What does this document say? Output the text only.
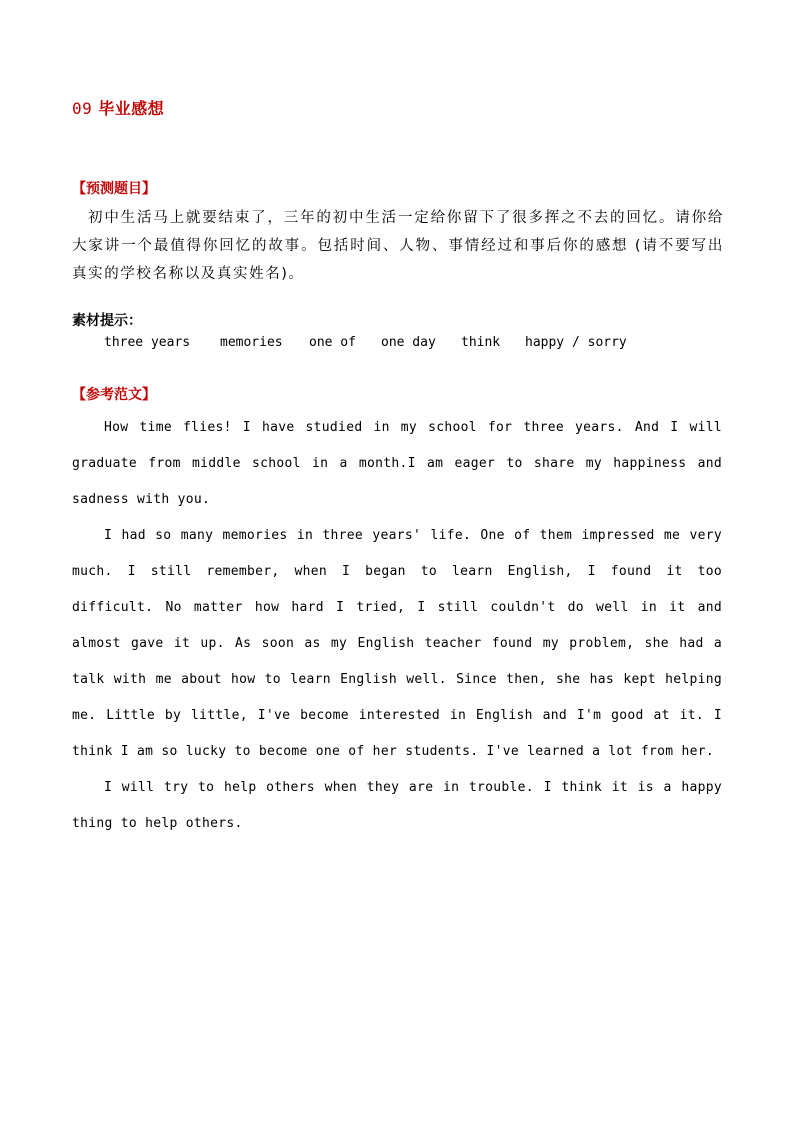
09 毕业感想
【预测题目】
初中生活马上就要结束了，三年的初中生活一定给你留下了很多挥之不去的回忆。请你给大家讲一个最值得你回忆的故事。包括时间、人物、事情经过和事后你的感想 (请不要写出真实的学校名称以及真实姓名)。
素材提示：
three years memories one of one day think happy / sorry
【参考范文】

How time flies! I have studied in my school for three years. And I will graduate from middle school in a month.I am eager to share my happiness and sadness with you.

I had so many memories in three years' life. One of them impressed me very much. I still remember, when I began to learn English, I found it too difficult. No matter how hard I tried, I still couldn't do well in it and almost gave it up. As soon as my English teacher found my problem, she had a talk with me about how to learn English well. Since then, she has kept helping me. Little by little, I've become interested in English and I'm good at it. I think I am so lucky to become one of her students. I've learned a lot from her.

I will try to help others when they are in trouble. I think it is a happy thing to help others.
